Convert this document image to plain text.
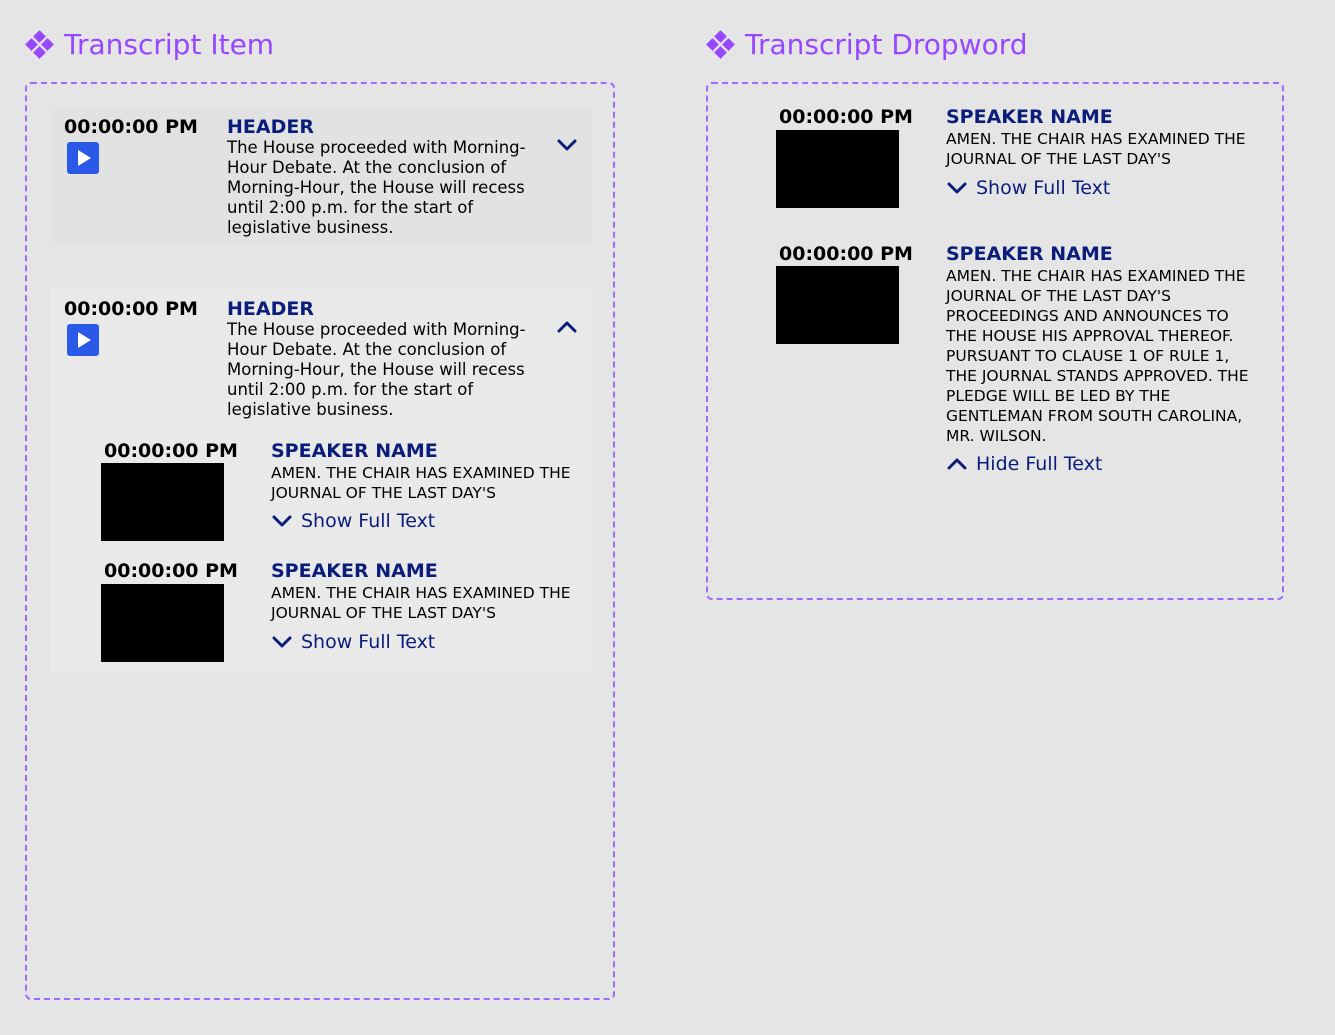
Transcript Item	Transcript Dropword
00:00:00 PM HEADER
The House proceeded with Morning-Hour Debate. At the conclusion of Morning-Hour, the House will recess until 2:00 p.m. for the start of legislative business.
00:00:00 PM HEADER
The House proceeded with Morning-Hour Debate. At the conclusion of Morning-Hour, the House will recess until 2:00 p.m. for the start of legislative business.
00:00:00 PM SPEAKER NAME
AMEN. THE CHAIR HAS EXAMINED THE JOURNAL OF THE LAST DAY'S
Show Full Text
00:00:00 PM SPEAKER NAME
AMEN. THE CHAIR HAS EXAMINED THE JOURNAL OF THE LAST DAY'S
Show Full Text
00:00:00 PM SPEAKER NAME
AMEN. THE CHAIR HAS EXAMINED THE JOURNAL OF THE LAST DAY'S
Show Full Text
00:00:00 PM SPEAKER NAME
AMEN. THE CHAIR HAS EXAMINED THE JOURNAL OF THE LAST DAY'S PROCEEDINGS AND ANNOUNCES TO THE HOUSE HIS APPROVAL THEREOF. PURSUANT TO CLAUSE 1 OF RULE 1, THE JOURNAL STANDS APPROVED. THE PLEDGE WILL BE LED BY THE GENTLEMAN FROM SOUTH CAROLINA, MR. WILSON.
Hide Full Text
